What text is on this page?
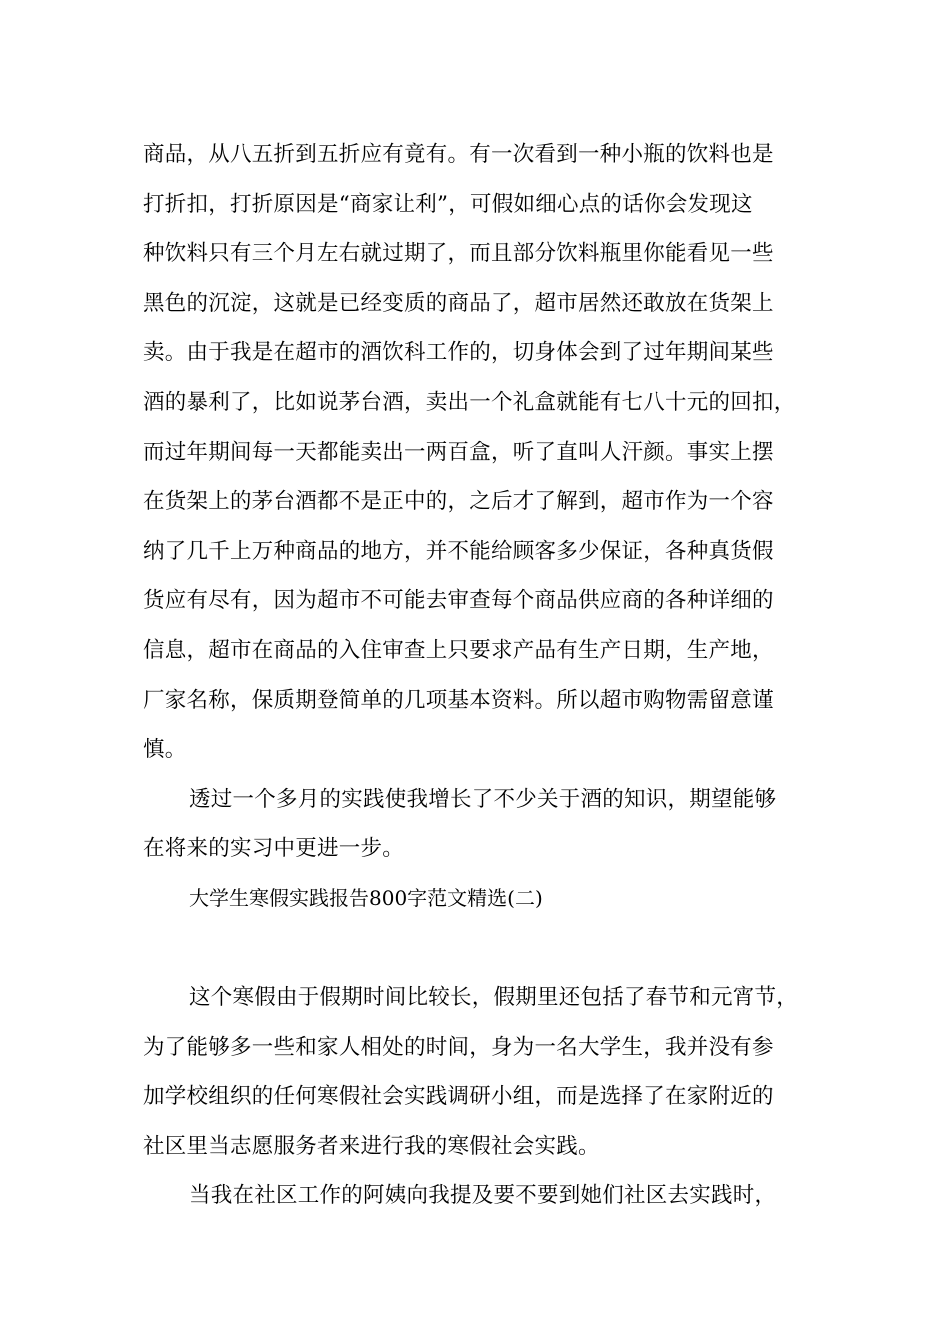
商品，从八五折到五折应有竟有。有一次看到一种小瓶的饮料也是
打折扣，打折原因是“商家让利”，可假如细心点的话你会发现这
种饮料只有三个月左右就过期了，而且部分饮料瓶里你能看见一些
黑色的沉淀，这就是已经变质的商品了，超市居然还敢放在货架上
卖。由于我是在超市的酒饮科工作的，切身体会到了过年期间某些
酒的暴利了，比如说茅台酒，卖出一个礼盒就能有七八十元的回扣，
而过年期间每一天都能卖出一两百盒，听了直叫人汗颜。事实上摆
在货架上的茅台酒都不是正中的，之后才了解到，超市作为一个容
纳了几千上万种商品的地方，并不能给顾客多少保证，各种真货假
货应有尽有，因为超市不可能去审查每个商品供应商的各种详细的
信息，超市在商品的入住审查上只要求产品有生产日期，生产地，
厂家名称，保质期登简单的几项基本资料。所以超市购物需留意谨
慎。
透过一个多月的实践使我增长了不少关于酒的知识，期望能够
在将来的实习中更进一步。
大学生寒假实践报告800字范文精选(二)
这个寒假由于假期时间比较长，假期里还包括了春节和元宵节，
为了能够多一些和家人相处的时间，身为一名大学生，我并没有参
加学校组织的任何寒假社会实践调研小组，而是选择了在家附近的
社区里当志愿服务者来进行我的寒假社会实践。
当我在社区工作的阿姨向我提及要不要到她们社区去实践时，
